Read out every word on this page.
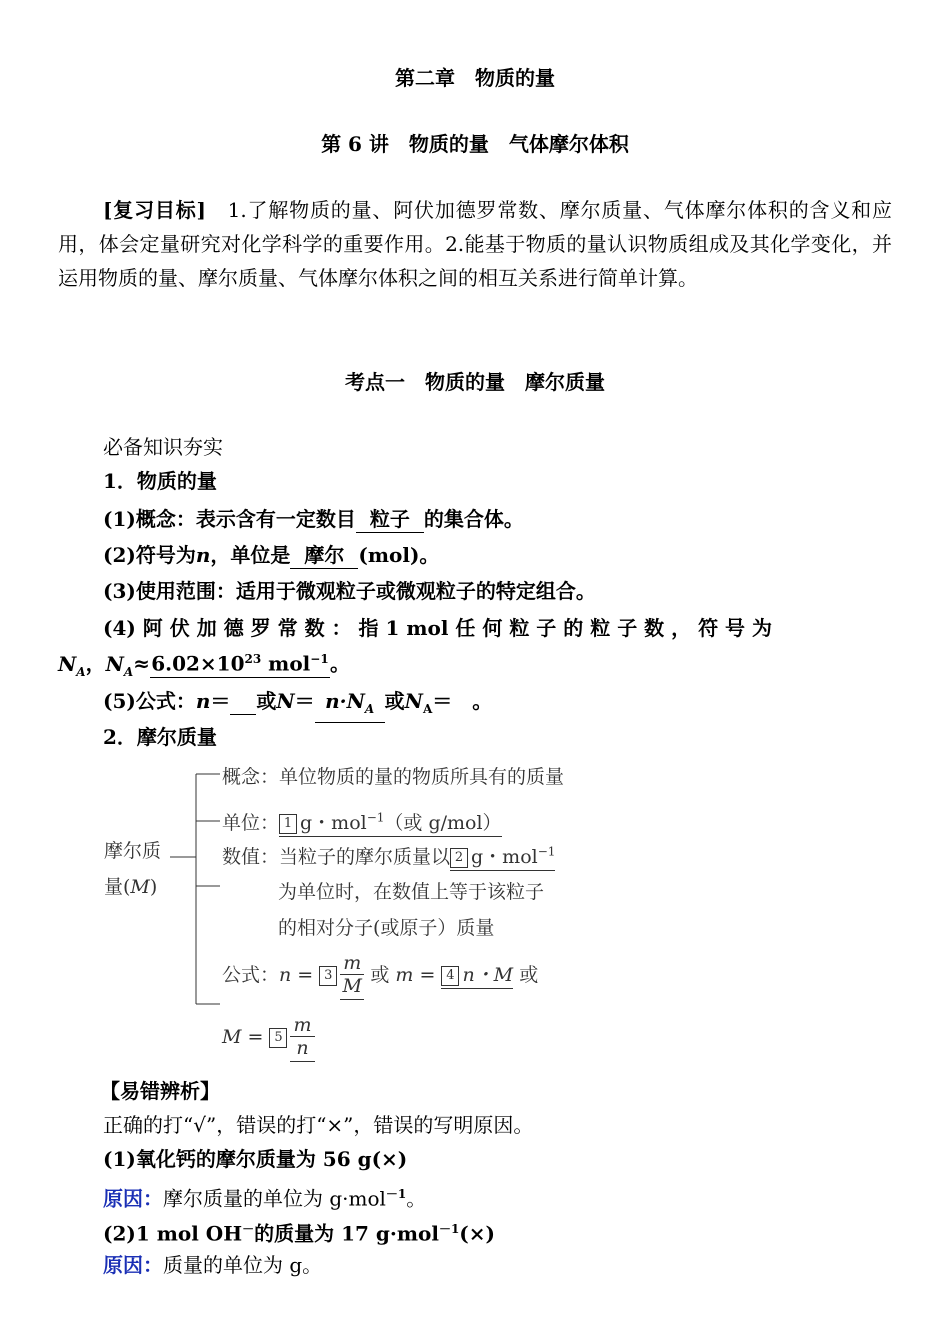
第二章　物质的量
第 6 讲　物质的量　气体摩尔体积
[复习目标]　1.了解物质的量、阿伏加德罗常数、摩尔质量、气体摩尔体积的含义和应用，体会定量研究对化学科学的重要作用。2.能基于物质的量认识物质组成及其化学变化，并运用物质的量、摩尔质量、气体摩尔体积之间的相互关系进行简单计算。
考点一　物质的量　摩尔质量
必备知识夯实
1．物质的量
(1)概念：表示含有一定数目 粒子 的集合体。
(2)符号为n，单位是 摩尔 (mol)。
(3)使用范围：适用于微观粒子或微观粒子的特定组合。
(4) 阿 伏 加 德 罗 常 数 ： 指 1 mol 任 何 粒 子 的 粒 子 数 ， 符 号 为
$N_A$，$N_A\approx 6.02\times 10^{23}$ mol$^{-1}$。
(5)公式：n＝ 或$N= n\cdot N_A$ 或$N_A=$　。
2．摩尔质量
摩尔质
量(M)
概念：单位物质的量的物质所具有的质量
单位： 1 g・mol$^{-1}$（或 g/mol）
数值：当粒子的摩尔质量以 2 g・mol$^{-1}$
为单位时，在数值上等于该粒子
的相对分子(或原子）质量
公式：$n = 3 \frac{m}{M}$ 或 m = 4 n・M 或
$M = 5 \frac{m}{n}$
【易错辨析】
正确的打“√”，错误的打“×”，错误的写明原因。
(1)氧化钙的摩尔质量为 56 g(×)
原因：摩尔质量的单位为 g·mol$^{-1}$。
(2)1 mol OH－的质量为 17 g·mol$^{-1}$(×)
原因：质量的单位为 g。
